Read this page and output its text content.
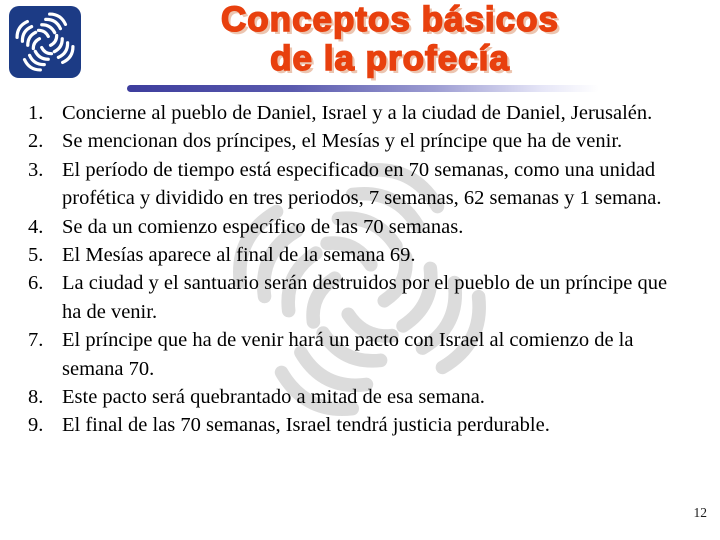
Conceptos básicos
de la profecía
1. Concierne al pueblo de Daniel, Israel y a la ciudad de Daniel, Jerusalén.
2. Se mencionan dos príncipes, el Mesías y el príncipe que ha de venir.
3. El período de tiempo está especificado en 70 semanas, como una unidad profética y dividido en tres periodos, 7 semanas, 62 semanas y 1 semana.
4. Se da un comienzo específico de las 70 semanas.
5. El Mesías aparece al final de la semana 69.
6. La ciudad y el santuario serán destruidos por el pueblo de un príncipe que ha de venir.
7. El príncipe que ha de venir hará un pacto con Israel al comienzo de la semana 70.
8. Este pacto será quebrantado a mitad de esa semana.
9. El final de las 70 semanas, Israel tendrá justicia perdurable.
12
